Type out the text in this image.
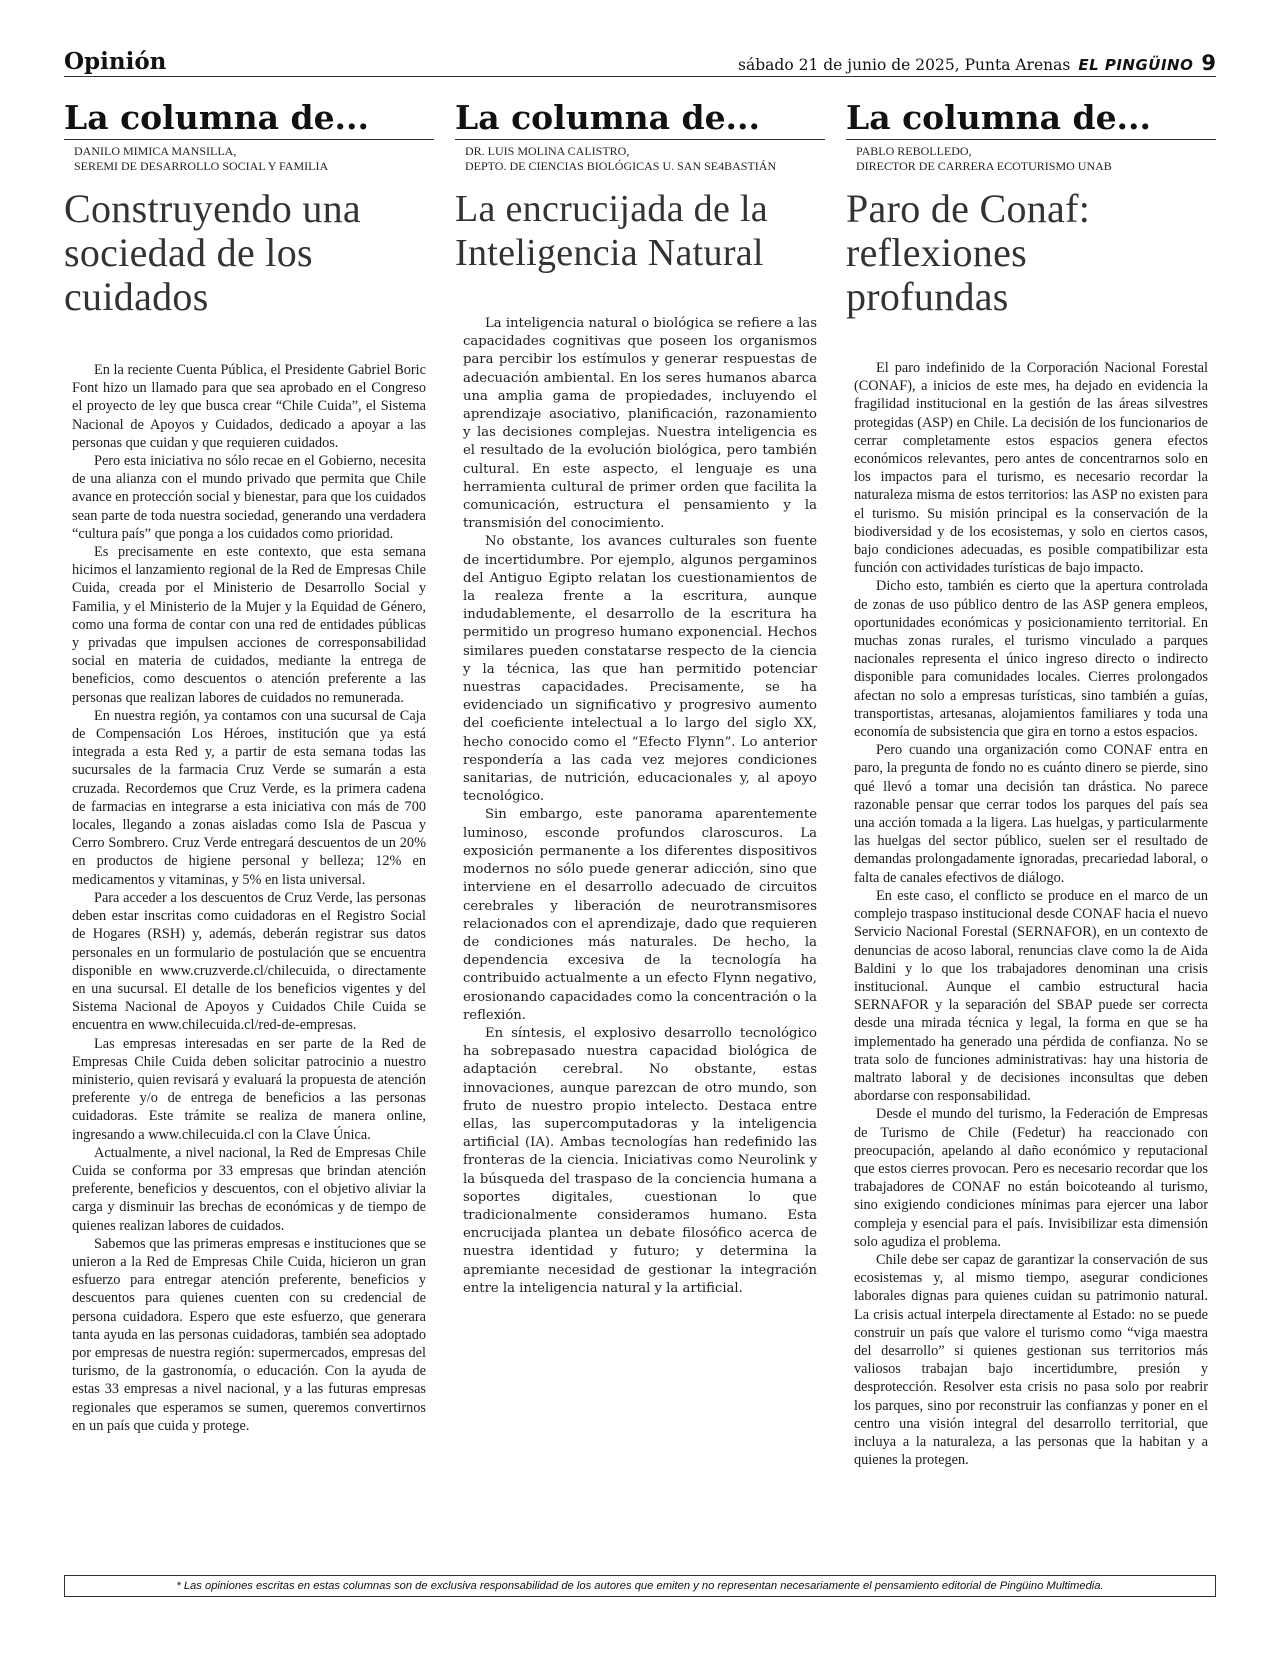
Opinión	sábado 21 de junio de 2025, Punta Arenas EL PINGÜINO 9
La columna de...
DANILO MIMICA MANSILLA,
SEREMI DE DESARROLLO SOCIAL Y FAMILIA
Construyendo una sociedad de los cuidados

En la reciente Cuenta Pública, el Presidente Gabriel Boric Font hizo un llamado para que sea aprobado en el Congreso el proyecto de ley que busca crear “Chile Cuida”, el Sistema Nacional de Apoyos y Cuidados, dedicado a apoyar a las personas que cuidan y que requieren cuidados.

Pero esta iniciativa no sólo recae en el Gobierno, necesita de una alianza con el mundo privado que permita que Chile avance en protección social y bienestar, para que los cuidados sean parte de toda nuestra sociedad, generando una verdadera “cultura país” que ponga a los cuidados como prioridad.

Es precisamente en este contexto, que esta semana hicimos el lanzamiento regional de la Red de Empresas Chile Cuida, creada por el Ministerio de Desarrollo Social y Familia, y el Ministerio de la Mujer y la Equidad de Género, como una forma de contar con una red de entidades públicas y privadas que impulsen acciones de corresponsabilidad social en materia de cuidados, mediante la entrega de beneficios, como descuentos o atención preferente a las personas que realizan labores de cuidados no remunerada.

En nuestra región, ya contamos con una sucursal de Caja de Compensación Los Héroes, institución que ya está integrada a esta Red y, a partir de esta semana todas las sucursales de la farmacia Cruz Verde se sumarán a esta cruzada. Recordemos que Cruz Verde, es la primera cadena de farmacias en integrarse a esta iniciativa con más de 700 locales, llegando a zonas aisladas como Isla de Pascua y Cerro Sombrero. Cruz Verde entregará descuentos de un 20% en productos de higiene personal y belleza; 12% en medicamentos y vitaminas, y 5% en lista universal.

Para acceder a los descuentos de Cruz Verde, las personas deben estar inscritas como cuidadoras en el Registro Social de Hogares (RSH) y, además, deberán registrar sus datos personales en un formulario de postulación que se encuentra disponible en www.cruzverde.cl/chilecuida, o directamente en una sucursal. El detalle de los beneficios vigentes y del Sistema Nacional de Apoyos y Cuidados Chile Cuida se encuentra en www.chilecuida.cl/red-de-empresas.

Las empresas interesadas en ser parte de la Red de Empresas Chile Cuida deben solicitar patrocinio a nuestro ministerio, quien revisará y evaluará la propuesta de atención preferente y/o de entrega de beneficios a las personas cuidadoras. Este trámite se realiza de manera online, ingresando a www.chilecuida.cl con la Clave Única.

Actualmente, a nivel nacional, la Red de Empresas Chile Cuida se conforma por 33 empresas que brindan atención preferente, beneficios y descuentos, con el objetivo aliviar la carga y disminuir las brechas de económicas y de tiempo de quienes realizan labores de cuidados.

Sabemos que las primeras empresas e instituciones que se unieron a la Red de Empresas Chile Cuida, hicieron un gran esfuerzo para entregar atención preferente, beneficios y descuentos para quienes cuenten con su credencial de persona cuidadora. Espero que este esfuerzo, que generara tanta ayuda en las personas cuidadoras, también sea adoptado por empresas de nuestra región: supermercados, empresas del turismo, de la gastronomía, o educación. Con la ayuda de estas 33 empresas a nivel nacional, y a las futuras empresas regionales que esperamos se sumen, queremos convertirnos en un país que cuida y protege.

La columna de...
DR. LUIS MOLINA CALISTRO,
DEPTO. DE CIENCIAS BIOLÓGICAS U. SAN SE4BASTIÁN
La encrucijada de la Inteligencia Natural

La inteligencia natural o biológica se refiere a las capacidades cognitivas que poseen los organismos para percibir los estímulos y generar respuestas de adecuación ambiental. En los seres humanos abarca una amplia gama de propiedades, incluyendo el aprendizaje asociativo, planificación, razonamiento y las decisiones complejas. Nuestra inteligencia es el resultado de la evolución biológica, pero también cultural. En este aspecto, el lenguaje es una herramienta cultural de primer orden que facilita la comunicación, estructura el pensamiento y la transmisión del conocimiento.

No obstante, los avances culturales son fuente de incertidumbre. Por ejemplo, algunos pergaminos del Antiguo Egipto relatan los cuestionamientos de la realeza frente a la escritura, aunque indudablemente, el desarrollo de la escritura ha permitido un progreso humano exponencial. Hechos similares pueden constatarse respecto de la ciencia y la técnica, las que han permitido potenciar nuestras capacidades. Precisamente, se ha evidenciado un significativo y progresivo aumento del coeficiente intelectual a lo largo del siglo XX, hecho conocido como el “Efecto Flynn”. Lo anterior respondería a las cada vez mejores condiciones sanitarias, de nutrición, educacionales y, al apoyo tecnológico.

Sin embargo, este panorama aparentemente luminoso, esconde profundos claroscuros. La exposición permanente a los diferentes dispositivos modernos no sólo puede generar adicción, sino que interviene en el desarrollo adecuado de circuitos cerebrales y liberación de neurotransmisores relacionados con el aprendizaje, dado que requieren de condiciones más naturales. De hecho, la dependencia excesiva de la tecnología ha contribuido actualmente a un efecto Flynn negativo, erosionando capacidades como la concentración o la reflexión.

En síntesis, el explosivo desarrollo tecnológico ha sobrepasado nuestra capacidad biológica de adaptación cerebral. No obstante, estas innovaciones, aunque parezcan de otro mundo, son fruto de nuestro propio intelecto. Destaca entre ellas, las supercomputadoras y la inteligencia artificial (IA). Ambas tecnologías han redefinido las fronteras de la ciencia. Iniciativas como Neurolink y la búsqueda del traspaso de la conciencia humana a soportes digitales, cuestionan lo que tradicionalmente consideramos humano. Esta encrucijada plantea un debate filosófico acerca de nuestra identidad y futuro; y determina la apremiante necesidad de gestionar la integración entre la inteligencia natural y la artificial.

La columna de...
PABLO REBOLLEDO,
DIRECTOR DE CARRERA ECOTURISMO UNAB
Paro de Conaf: reflexiones profundas

El paro indefinido de la Corporación Nacional Forestal (CONAF), a inicios de este mes, ha dejado en evidencia la fragilidad institucional en la gestión de las áreas silvestres protegidas (ASP) en Chile. La decisión de los funcionarios de cerrar completamente estos espacios genera efectos económicos relevantes, pero antes de concentrarnos solo en los impactos para el turismo, es necesario recordar la naturaleza misma de estos territorios: las ASP no existen para el turismo. Su misión principal es la conservación de la biodiversidad y de los ecosistemas, y solo en ciertos casos, bajo condiciones adecuadas, es posible compatibilizar esta función con actividades turísticas de bajo impacto.

Dicho esto, también es cierto que la apertura controlada de zonas de uso público dentro de las ASP genera empleos, oportunidades económicas y posicionamiento territorial. En muchas zonas rurales, el turismo vinculado a parques nacionales representa el único ingreso directo o indirecto disponible para comunidades locales. Cierres prolongados afectan no solo a empresas turísticas, sino también a guías, transportistas, artesanas, alojamientos familiares y toda una economía de subsistencia que gira en torno a estos espacios.

Pero cuando una organización como CONAF entra en paro, la pregunta de fondo no es cuánto dinero se pierde, sino qué llevó a tomar una decisión tan drástica. No parece razonable pensar que cerrar todos los parques del país sea una acción tomada a la ligera. Las huelgas, y particularmente las huelgas del sector público, suelen ser el resultado de demandas prolongadamente ignoradas, precariedad laboral, o falta de canales efectivos de diálogo.

En este caso, el conflicto se produce en el marco de un complejo traspaso institucional desde CONAF hacia el nuevo Servicio Nacional Forestal (SERNAFOR), en un contexto de denuncias de acoso laboral, renuncias clave como la de Aida Baldini y lo que los trabajadores denominan una crisis institucional. Aunque el cambio estructural hacia SERNAFOR y la separación del SBAP puede ser correcta desde una mirada técnica y legal, la forma en que se ha implementado ha generado una pérdida de confianza. No se trata solo de funciones administrativas: hay una historia de maltrato laboral y de decisiones inconsultas que deben abordarse con responsabilidad.

Desde el mundo del turismo, la Federación de Empresas de Turismo de Chile (Fedetur) ha reaccionado con preocupación, apelando al daño económico y reputacional que estos cierres provocan. Pero es necesario recordar que los trabajadores de CONAF no están boicoteando al turismo, sino exigiendo condiciones mínimas para ejercer una labor compleja y esencial para el país. Invisibilizar esta dimensión solo agudiza el problema.

Chile debe ser capaz de garantizar la conservación de sus ecosistemas y, al mismo tiempo, asegurar condiciones laborales dignas para quienes cuidan su patrimonio natural. La crisis actual interpela directamente al Estado: no se puede construir un país que valore el turismo como “viga maestra del desarrollo” si quienes gestionan sus territorios más valiosos trabajan bajo incertidumbre, presión y desprotección. Resolver esta crisis no pasa solo por reabrir los parques, sino por reconstruir las confianzas y poner en el centro una visión integral del desarrollo territorial, que incluya a la naturaleza, a las personas que la habitan y a quienes la protegen.

* Las opiniones escritas en estas columnas son de exclusiva responsabilidad de los autores que emiten y no representan necesariamente el pensamiento editorial de Pingüino Multimedia.
